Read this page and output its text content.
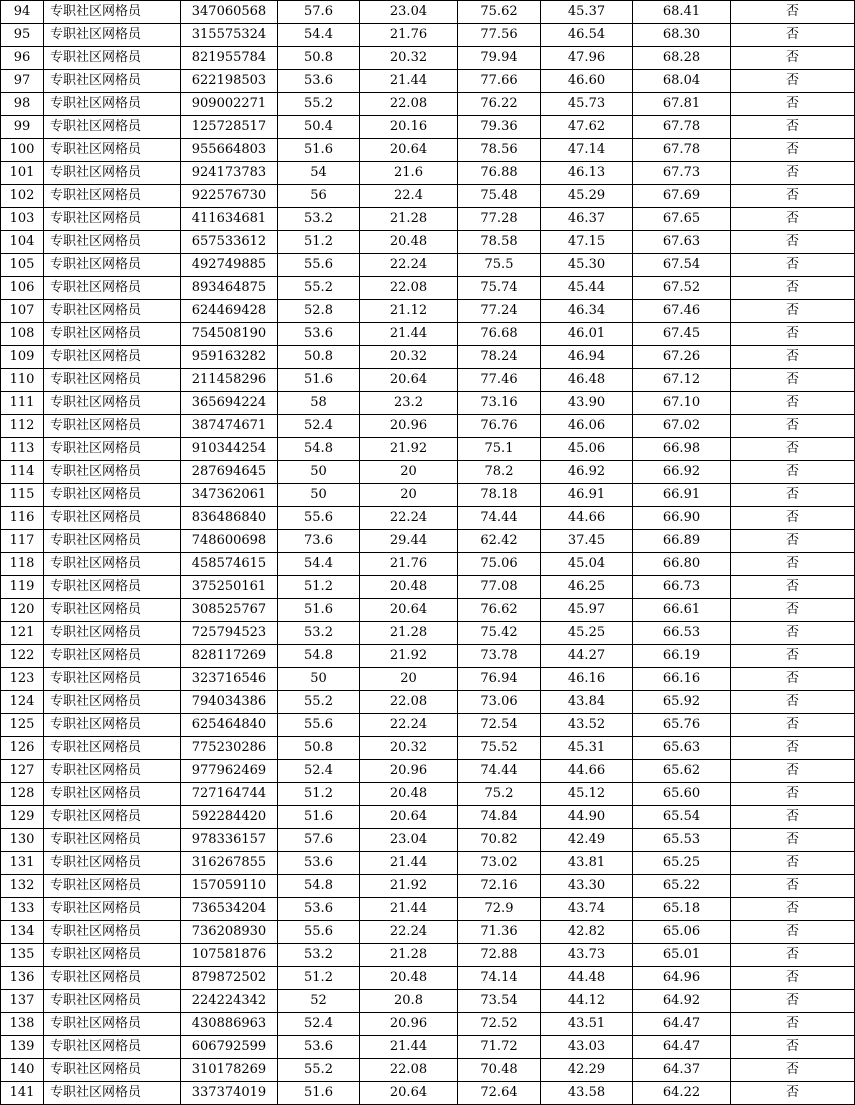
94	专职社区网格员	347060568	57.6	23.04	75.62	45.37	68.41	否
95	专职社区网格员	315575324	54.4	21.76	77.56	46.54	68.30	否
96	专职社区网格员	821955784	50.8	20.32	79.94	47.96	68.28	否
97	专职社区网格员	622198503	53.6	21.44	77.66	46.60	68.04	否
98	专职社区网格员	909002271	55.2	22.08	76.22	45.73	67.81	否
99	专职社区网格员	125728517	50.4	20.16	79.36	47.62	67.78	否
100	专职社区网格员	955664803	51.6	20.64	78.56	47.14	67.78	否
101	专职社区网格员	924173783	54	21.6	76.88	46.13	67.73	否
102	专职社区网格员	922576730	56	22.4	75.48	45.29	67.69	否
103	专职社区网格员	411634681	53.2	21.28	77.28	46.37	67.65	否
104	专职社区网格员	657533612	51.2	20.48	78.58	47.15	67.63	否
105	专职社区网格员	492749885	55.6	22.24	75.5	45.30	67.54	否
106	专职社区网格员	893464875	55.2	22.08	75.74	45.44	67.52	否
107	专职社区网格员	624469428	52.8	21.12	77.24	46.34	67.46	否
108	专职社区网格员	754508190	53.6	21.44	76.68	46.01	67.45	否
109	专职社区网格员	959163282	50.8	20.32	78.24	46.94	67.26	否
110	专职社区网格员	211458296	51.6	20.64	77.46	46.48	67.12	否
111	专职社区网格员	365694224	58	23.2	73.16	43.90	67.10	否
112	专职社区网格员	387474671	52.4	20.96	76.76	46.06	67.02	否
113	专职社区网格员	910344254	54.8	21.92	75.1	45.06	66.98	否
114	专职社区网格员	287694645	50	20	78.2	46.92	66.92	否
115	专职社区网格员	347362061	50	20	78.18	46.91	66.91	否
116	专职社区网格员	836486840	55.6	22.24	74.44	44.66	66.90	否
117	专职社区网格员	748600698	73.6	29.44	62.42	37.45	66.89	否
118	专职社区网格员	458574615	54.4	21.76	75.06	45.04	66.80	否
119	专职社区网格员	375250161	51.2	20.48	77.08	46.25	66.73	否
120	专职社区网格员	308525767	51.6	20.64	76.62	45.97	66.61	否
121	专职社区网格员	725794523	53.2	21.28	75.42	45.25	66.53	否
122	专职社区网格员	828117269	54.8	21.92	73.78	44.27	66.19	否
123	专职社区网格员	323716546	50	20	76.94	46.16	66.16	否
124	专职社区网格员	794034386	55.2	22.08	73.06	43.84	65.92	否
125	专职社区网格员	625464840	55.6	22.24	72.54	43.52	65.76	否
126	专职社区网格员	775230286	50.8	20.32	75.52	45.31	65.63	否
127	专职社区网格员	977962469	52.4	20.96	74.44	44.66	65.62	否
128	专职社区网格员	727164744	51.2	20.48	75.2	45.12	65.60	否
129	专职社区网格员	592284420	51.6	20.64	74.84	44.90	65.54	否
130	专职社区网格员	978336157	57.6	23.04	70.82	42.49	65.53	否
131	专职社区网格员	316267855	53.6	21.44	73.02	43.81	65.25	否
132	专职社区网格员	157059110	54.8	21.92	72.16	43.30	65.22	否
133	专职社区网格员	736534204	53.6	21.44	72.9	43.74	65.18	否
134	专职社区网格员	736208930	55.6	22.24	71.36	42.82	65.06	否
135	专职社区网格员	107581876	53.2	21.28	72.88	43.73	65.01	否
136	专职社区网格员	879872502	51.2	20.48	74.14	44.48	64.96	否
137	专职社区网格员	224224342	52	20.8	73.54	44.12	64.92	否
138	专职社区网格员	430886963	52.4	20.96	72.52	43.51	64.47	否
139	专职社区网格员	606792599	53.6	21.44	71.72	43.03	64.47	否
140	专职社区网格员	310178269	55.2	22.08	70.48	42.29	64.37	否
141	专职社区网格员	337374019	51.6	20.64	72.64	43.58	64.22	否
